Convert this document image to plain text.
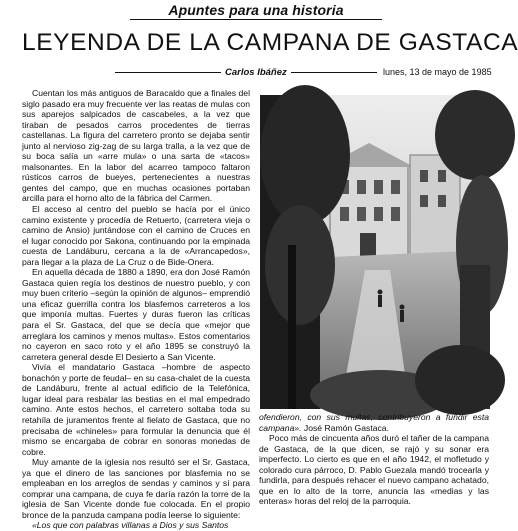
Apuntes para una historia
LEYENDA DE LA CAMPANA DE GASTACA
Carlos Ibáñez	lunes, 13 de mayo de 1985

Cuentan los más antiguos de Baracaldo que a finales del siglo pasado era muy frecuente ver las reatas de mulas con sus aparejos salpicados de cascabeles, a la vez que tiraban de pesados carros procedentes de tierras castellanas. La figura del carretero pronto se dejaba sentir junto al nervioso zig-zag de su larga tralla, a la vez que de su boca salía un «arre mula» o una sarta de «tacos» malsonantes. En la labor del acarreo tampoco faltaron rústicos carros de bueyes, pertenecientes a nuestras gentes del campo, que en muchas ocasiones portaban arcilla para el horno alto de la fábrica del Carmen.

El acceso al centro del pueblo se hacía por el único camino existente y procedía de Retuerto, (carretera vieja o camino de Ansio) juntándose con el camino de Cruces en el lugar conocido por Sakona, continuando por la empinada cuesta de Landáburu, cercana a la de «Arrancapedos», para llegar a la plaza de La Cruz o de Bide-Onera.

En aquella década de 1880 a 1890, era don José Ramón Gastaca quien regía los destinos de nuestro pueblo, y con muy buen criterio –según la opinión de algunos– emprendió una eficaz guerrilla contra los blasfemos carreteros a los que imponía multas. Fuertes y duras fueron las críticas para el Sr. Gastaca, del que se decía que «mejor que arreglara los caminos y menos multas». Estos comentarios no cayeron en saco roto y el año 1895 se construyó la carretera general desde El Desierto a San Vicente.

Vivía el mandatario Gastaca –hombre de aspecto bonachón y porte de feudal– en su casa-chalet de la cuesta de Landáburu, frente al actual edificio de la Telefónica, lugar ideal para resbalar las bestias en el mal empedrado camino. Ante estos hechos, el carretero soltaba toda su retahíla de juramentos frente al fielato de Gastaca, que no precisaba de «chineles» para formular la denuncia que él mismo se encargaba de cobrar en sonoras monedas de cobre.

Muy amante de la iglesia nos resultó ser el Sr. Gastaca, ya que el dinero de las sanciones por blasfemia no se empleaban en los arreglos de sendas y caminos y sí para comprar una campana, de cuya fe daría razón la torre de la iglesia de San Vicente donde fue colocada. En el propio bronce de la panzuda campana podía leerse lo siguiente:

«Los que con palabras villanas a Dios y sus Santos

ofendieron, con sus multas, contribuyeron a fundir esta campana». José Ramón Gastaca.

Poco más de cincuenta años duró el tañer de la campana de Gastaca, de la que dicen, se rajó y su sonar era imperfecto. Lo cierto es que en el año 1942, el mofletudo y colorado cura párroco, D. Pablo Guezala mandó trocearla y fundirla, para después rehacer el nuevo campano achatado, que en lo alto de la torre, anuncia las «medias y las enteras» horas del reloj de la parroquia.
